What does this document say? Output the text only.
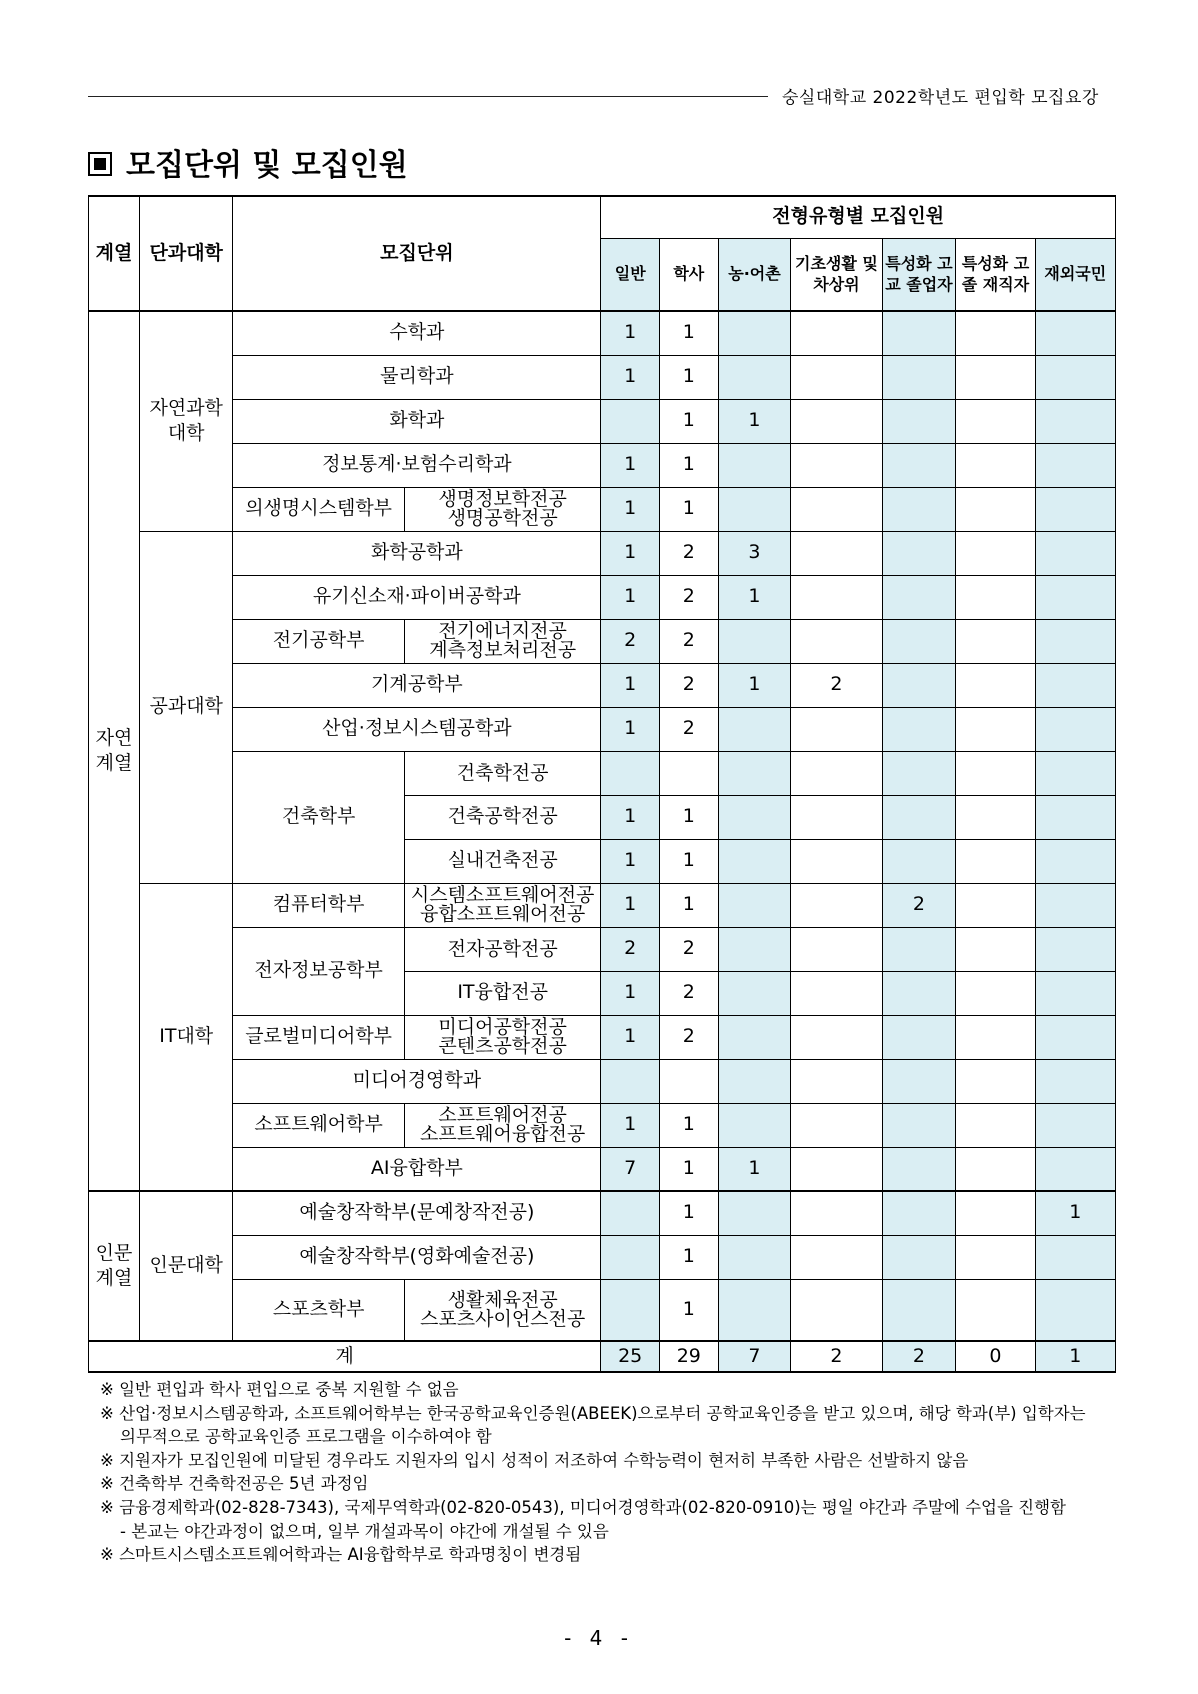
숭실대학교 2022학년도 편입학 모집요강
모집단위 및 모집인원
계열	단과대학	모집단위		전형유형별 모집인원						
				일반	학사	농·어촌	기초생활 및차상위	특성화 고교 졸업자	특성화 고졸 재직자	재외국민
자연 계열	자연과학 대학	수학과		1	1					
		물리학과		1	1					
		화학과			1	1				
		정보통계·보험수리학과		1	1					
		의생명시스템학부	생명정보학전공 생명공학전공	1	1					
	공과대학	화학공학과		1	2	3				
		유기신소재·파이버공학과		1	2	1				
		전기공학부	전기에너지전공 계측정보처리전공	2	2					
		기계공학부		1	2	1	2			
		산업·정보시스템공학과		1	2					
		건축학부	건축학전공							
			건축공학전공	1	1					
			실내건축전공	1	1					
	IT대학	컴퓨터학부	시스템소프트웨어전공 융합소프트웨어전공	1	1			2		
		전자정보공학부	전자공학전공	2	2					
			IT융합전공	1	2					
		글로벌미디어학부	미디어공학전공 콘텐츠공학전공	1	2					
		미디어경영학과								
		소프트웨어학부	소프트웨어전공 소프트웨어융합전공	1	1					
		AI융합학부		7	1	1				
인문 계열	인문대학	예술창작학부(문예창작전공)			1					1
		예술창작학부(영화예술전공)			1					
		스포츠학부	생활체육전공 스포츠사이언스전공		1					
계				25	29	7	2	2	0	1
※ 일반 편입과 학사 편입으로 중복 지원할 수 없음
※ 산업·정보시스템공학과, 소프트웨어학부는 한국공학교육인증원(ABEEK)으로부터 공학교육인증을 받고 있으며, 해당 학과(부) 입학자는
의무적으로 공학교육인증 프로그램을 이수하여야 함
※ 지원자가 모집인원에 미달된 경우라도 지원자의 입시 성적이 저조하여 수학능력이 현저히 부족한 사람은 선발하지 않음
※ 건축학부 건축학전공은 5년 과정임
※ 금융경제학과(02-828-7343), 국제무역학과(02-820-0543), 미디어경영학과(02-820-0910)는 평일 야간과 주말에 수업을 진행함
- 본교는 야간과정이 없으며, 일부 개설과목이 야간에 개설될 수 있음
※ 스마트시스템소프트웨어학과는 AI융합학부로 학과명칭이 변경됨
- 4 -
